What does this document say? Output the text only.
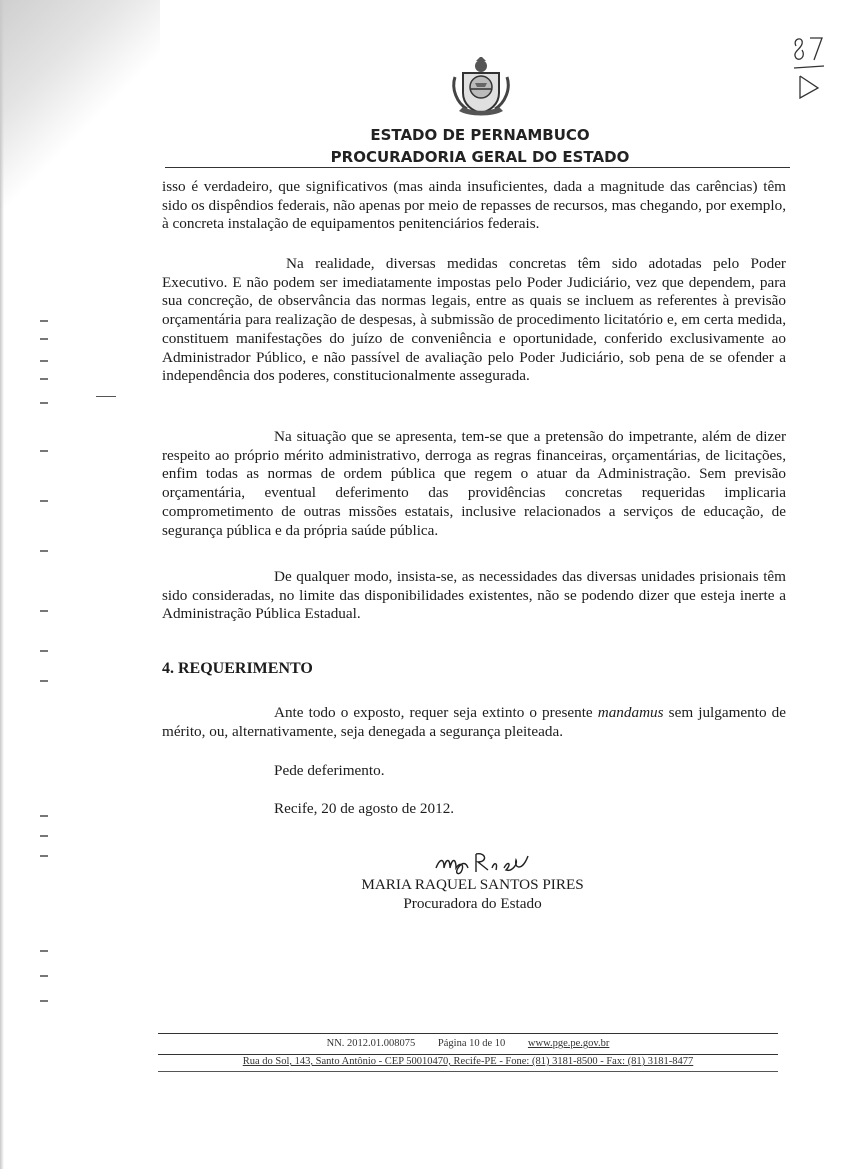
ESTADO DE PERNAMBUCO
PROCURADORIA GERAL DO ESTADO

isso é verdadeiro, que significativos (mas ainda insuficientes, dada a magnitude das carências) têm sido os dispêndios federais, não apenas por meio de repasses de recursos, mas chegando, por exemplo, à concreta instalação de equipamentos penitenciários federais.

Na realidade, diversas medidas concretas têm sido adotadas pelo Poder Executivo. E não podem ser imediatamente impostas pelo Poder Judiciário, vez que dependem, para sua concreção, de observância das normas legais, entre as quais se incluem as referentes à previsão orçamentária para realização de despesas, à submissão de procedimento licitatório e, em certa medida, constituem manifestações do juízo de conveniência e oportunidade, conferido exclusivamente ao Administrador Público, e não passível de avaliação pelo Poder Judiciário, sob pena de se ofender a independência dos poderes, constitucionalmente assegurada.

Na situação que se apresenta, tem-se que a pretensão do impetrante, além de dizer respeito ao próprio mérito administrativo, derroga as regras financeiras, orçamentárias, de licitações, enfim todas as normas de ordem pública que regem o atuar da Administração. Sem previsão orçamentária, eventual deferimento das providências concretas requeridas implicaria comprometimento de outras missões estatais, inclusive relacionados a serviços de educação, de segurança pública e da própria saúde pública.

De qualquer modo, insista-se, as necessidades das diversas unidades prisionais têm sido consideradas, no limite das disponibilidades existentes, não se podendo dizer que esteja inerte a Administração Pública Estadual.

4. REQUERIMENTO

Ante todo o exposto, requer seja extinto o presente mandamus sem julgamento de mérito, ou, alternativamente, seja denegada a segurança pleiteada.

Pede deferimento.

Recife, 20 de agosto de 2012.

MARIA RAQUEL SANTOS PIRES

Procuradora do Estado

NN. 2012.01.008075 Página 10 de 10 www.pge.pe.gov.br
Rua do Sol, 143, Santo Antônio - CEP 50010470, Recife-PE - Fone: (81) 3181-8500 - Fax: (81) 3181-8477
